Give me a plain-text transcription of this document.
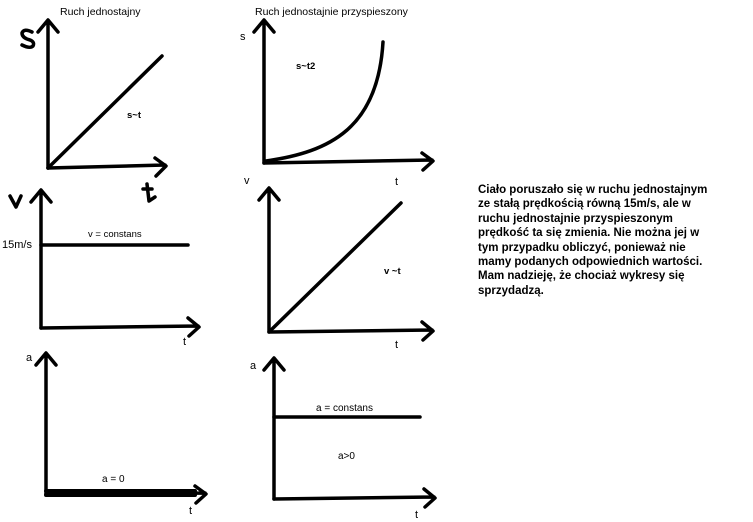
Ruch jednostajny	Ruch jednostajnie przyspieszony
s~t
s
s~t2
t
15m/s
v = constans
t
v
v ~t
t
a
a = 0
t
a
a = constans
a>0
t
Ciało poruszało się w ruchu jednostajnym
ze stałą prędkością równą 15m/s, ale w
ruchu jednostajnie przyspieszonym
prędkość ta się zmienia. Nie można jej w
tym przypadku obliczyć, ponieważ nie
mamy podanych odpowiednich wartości.
Mam nadzieję, że chociaż wykresy się
sprzydadzą.
